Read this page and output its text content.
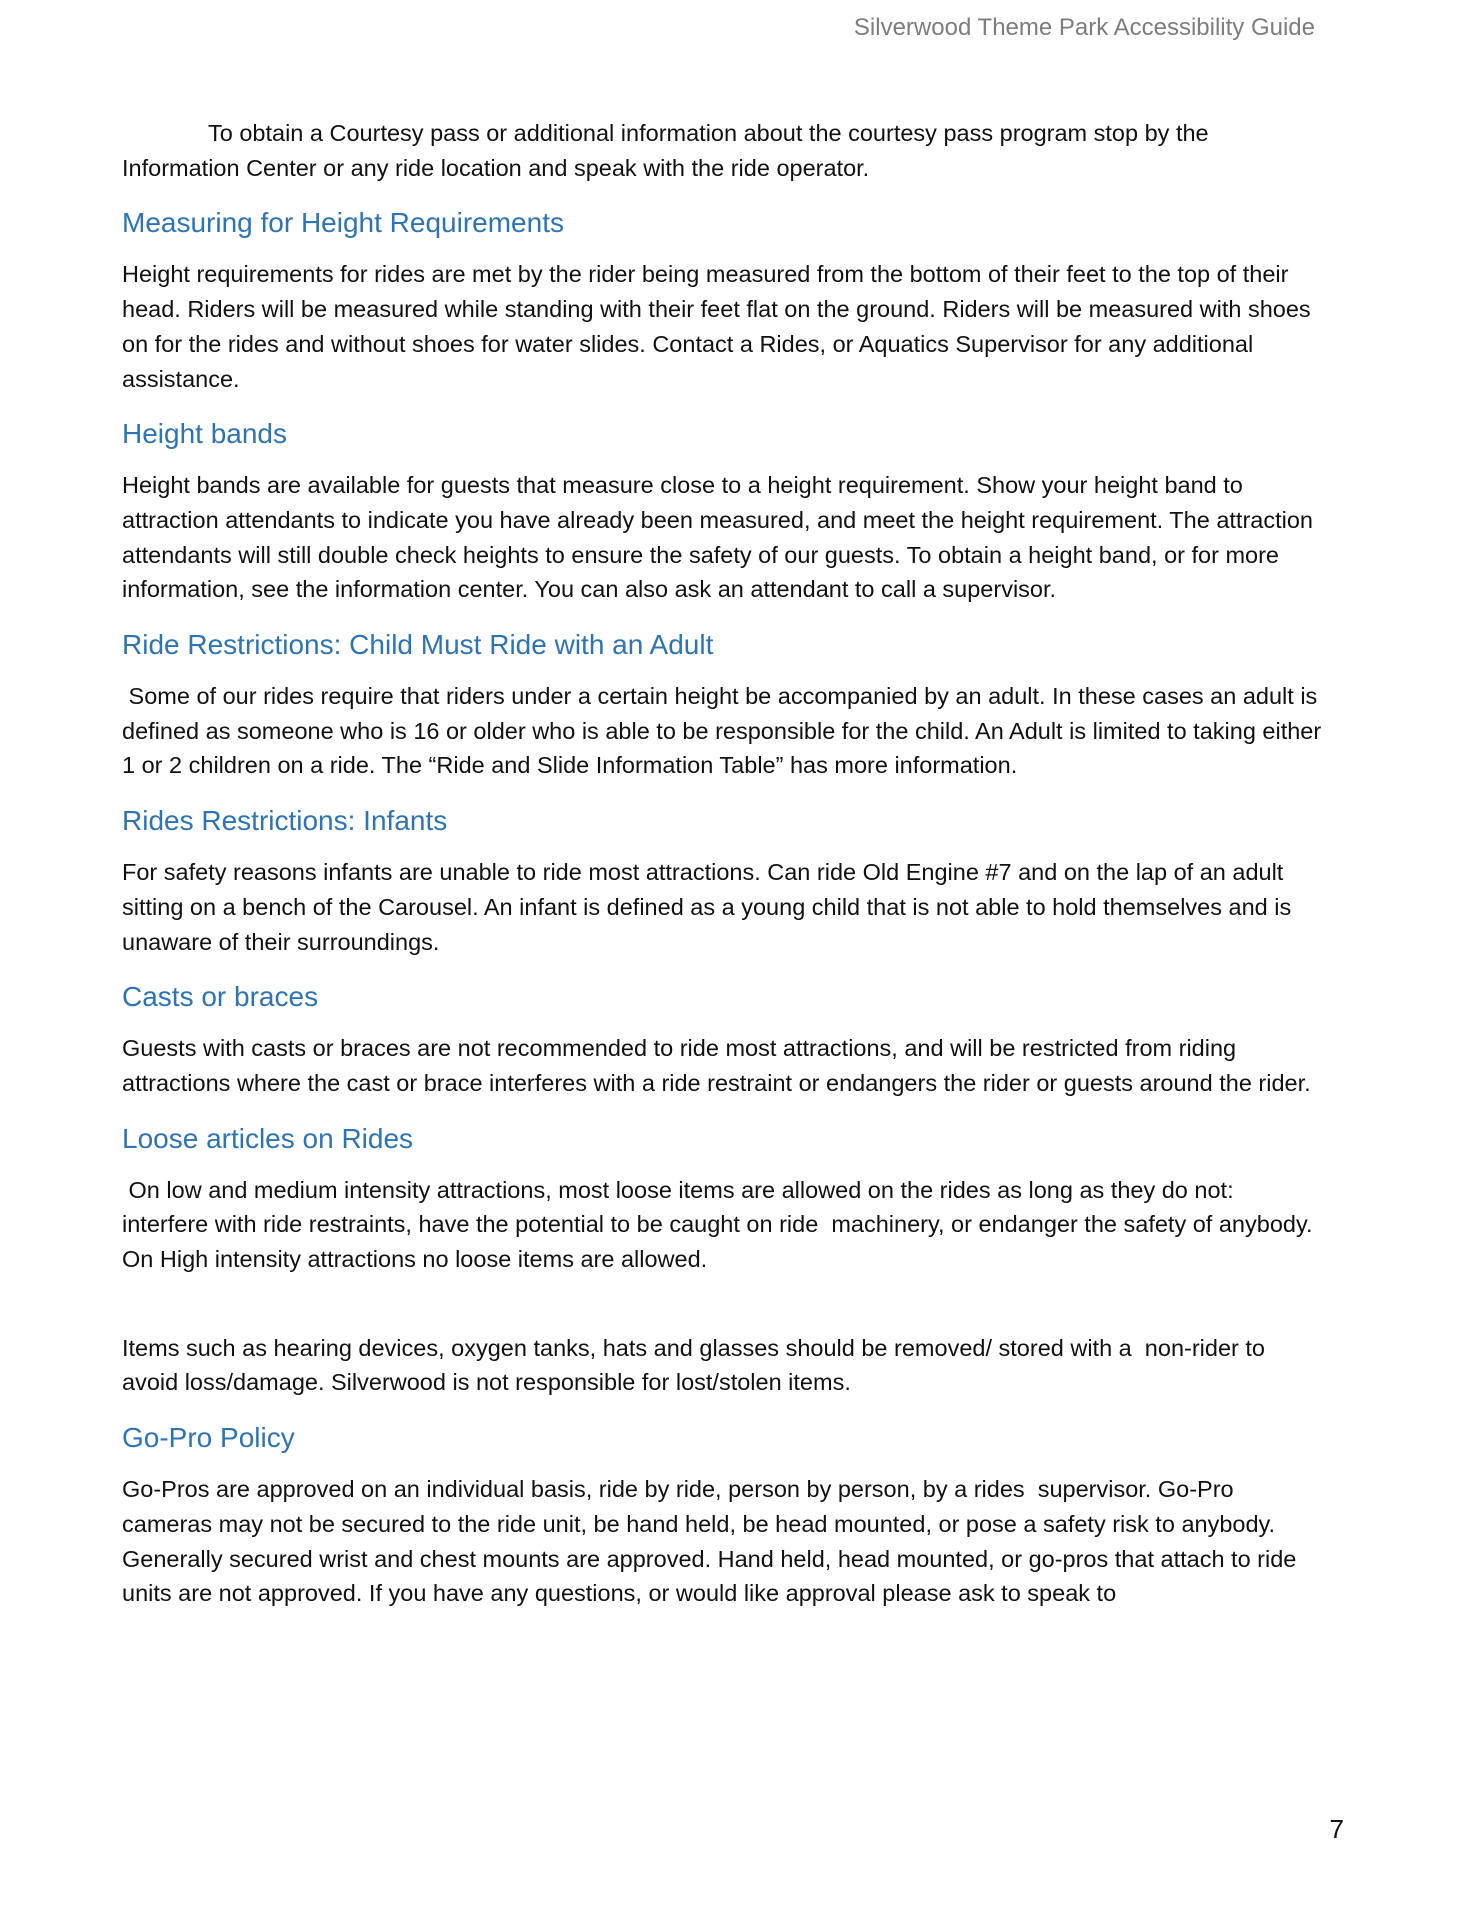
Silverwood Theme Park Accessibility Guide

To obtain a Courtesy pass or additional information about the courtesy pass program stop by the Information Center or any ride location and speak with the ride operator.

Measuring for Height Requirements

Height requirements for rides are met by the rider being measured from the bottom of their feet to the top of their head. Riders will be measured while standing with their feet flat on the ground. Riders will be measured with shoes on for the rides and without shoes for water slides. Contact a Rides, or Aquatics Supervisor for any additional assistance.

Height bands

Height bands are available for guests that measure close to a height requirement. Show your height band to attraction attendants to indicate you have already been measured, and meet the height requirement. The attraction attendants will still double check heights to ensure the safety of our guests. To obtain a height band, or for more information, see the information center. You can also ask an attendant to call a supervisor.

Ride Restrictions: Child Must Ride with an Adult

Some of our rides require that riders under a certain height be accompanied by an adult. In these cases an adult is defined as someone who is 16 or older who is able to be responsible for the child. An Adult is limited to taking either 1 or 2 children on a ride. The “Ride and Slide Information Table” has more information.

Rides Restrictions: Infants

For safety reasons infants are unable to ride most attractions. Can ride Old Engine #7 and on the lap of an adult sitting on a bench of the Carousel. An infant is defined as a young child that is not able to hold themselves and is unaware of their surroundings.

Casts or braces

Guests with casts or braces are not recommended to ride most attractions, and will be restricted from riding attractions where the cast or brace interferes with a ride restraint or endangers the rider or guests around the rider.

Loose articles on Rides

On low and medium intensity attractions, most loose items are allowed on the rides as long as they do not: interfere with ride restraints, have the potential to be caught on ride  machinery, or endanger the safety of anybody. On High intensity attractions no loose items are allowed.

Items such as hearing devices, oxygen tanks, hats and glasses should be removed/ stored with a  non-rider to avoid loss/damage. Silverwood is not responsible for lost/stolen items.

Go-Pro Policy

Go-Pros are approved on an individual basis, ride by ride, person by person, by a rides  supervisor. Go-Pro cameras may not be secured to the ride unit, be hand held, be head mounted, or pose a safety risk to anybody. Generally secured wrist and chest mounts are approved. Hand held, head mounted, or go-pros that attach to ride units are not approved. If you have any questions, or would like approval please ask to speak to

7
